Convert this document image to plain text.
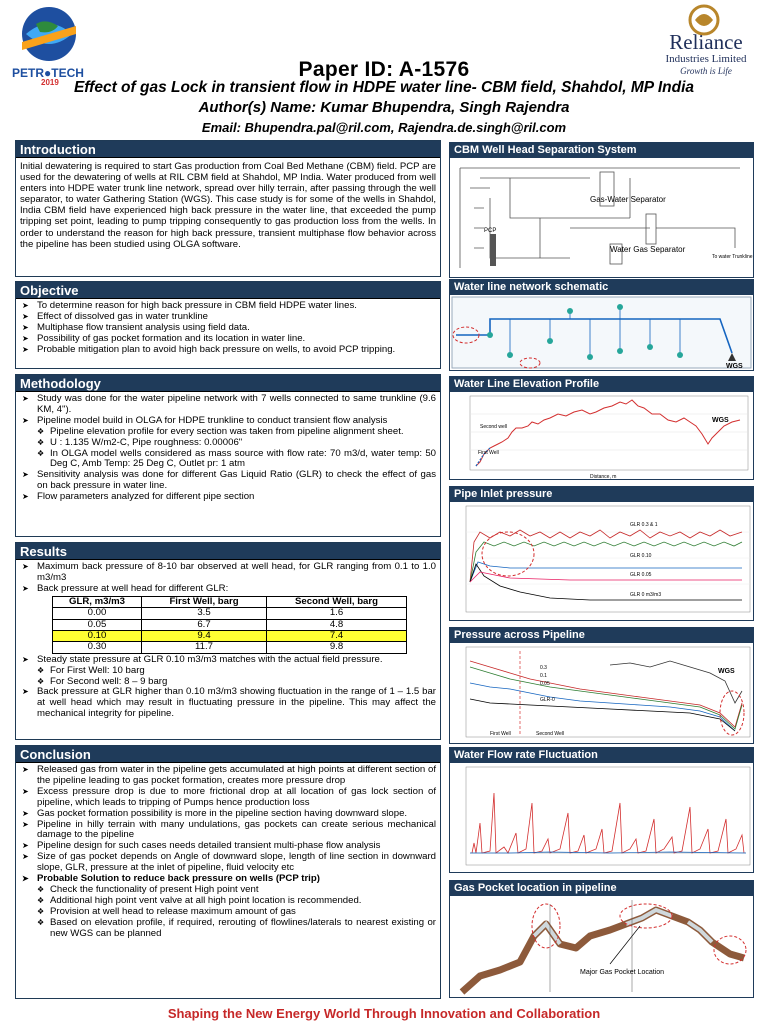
PETR●TECH
2019
Reliance
Industries Limited
Growth is Life
Paper ID: A-1576
Effect of gas Lock in transient flow in HDPE water line- CBM field, Shahdol, MP India
Author(s) Name: Kumar Bhupendra, Singh Rajendra
Email: Bhupendra.pal@ril.com, Rajendra.de.singh@ril.com
Introduction
Initial dewatering is required to start Gas production from Coal Bed Methane (CBM) field. PCP are used for the dewatering of wells at RIL CBM field at Shahdol, MP India. Water produced from well enters into HDPE water trunk line network, spread over hilly terrain, after passing through the well separator, to water Gathering Station (WGS). This case study is for some of the wells in Shahdol, India CBM field have experienced high back pressure in the water line, that exceeded the pump tripping set point, leading to pump tripping consequently to gas production loss from the wells. In order to understand the reason for high back pressure, transient multiphase flow behavior across the pipeline has been studied using OLGA software.
Objective
➤ To determine reason for high back pressure in CBM field HDPE water lines.
➤ Effect of dissolved gas in water trunkline
➤ Multiphase flow transient analysis using field data.
➤ Possibility of gas pocket formation and its location in water line.
➤ Probable mitigation plan to avoid high back pressure on wells, to avoid PCP tripping.
Methodology
➤ Study was done for the water pipeline network with 7 wells connected to same trunkline (9.6 KM, 4").
➤ Pipeline model build in OLGA for HDPE trunkline to conduct transient flow analysis
❖ Pipeline elevation profile for every section was taken from pipeline alignment sheet.
❖ U : 1.135 W/m2-C, Pipe roughness: 0.00006"
❖ In OLGA model wells considered as mass source with flow rate: 70 m3/d, water temp: 50 Deg C, Amb Temp: 25 Deg C, Outlet pr: 1 atm
➤ Sensitivity analysis was done for different Gas Liquid Ratio (GLR) to check the effect of gas on back pressure in water line.
➤ Flow parameters analyzed for different pipe section
Results
➤ Maximum back pressure of 8-10 bar observed at well head, for GLR ranging from 0.1 to 1.0 m3/m3
➤ Back pressure at well head for different GLR:
GLR, m3/m3	First Well, barg	Second Well, barg
0.00	3.5	1.6
0.05	6.7	4.8
0.10	9.4	7.4
0.30	11.7	9.8
➤ Steady state pressure at GLR 0.10 m3/m3 matches with the actual field pressure.
❖ For First Well: 10 barg
❖ For Second well: 8 – 9 barg
➤ Back pressure at GLR higher than 0.10 m3/m3 showing fluctuation in the range of 1 – 1.5 bar at well head which may result in fluctuating pressure in the pipeline. This may affect the mechanical integrity for pipeline.
Conclusion
➤ Released gas from water in the pipeline gets accumulated at high points at different section of the pipeline leading to gas pocket formation, creates more pressure drop
➤ Excess pressure drop is due to more frictional drop at all location of gas lock section of pipeline, which leads to tripping of Pumps hence production loss
➤ Gas pocket formation possibility is more in the pipeline section having downward slope.
➤ Pipeline in hilly terrain with many undulations, gas pockets can create serious mechanical damage to the pipeline
➤ Pipeline design for such cases needs detailed transient multi-phase flow analysis
➤ Size of gas pocket depends on Angle of downward slope, length of line section in downward slope, GLR, pressure at the inlet of pipeline, fluid velocity etc
➤ Probable Solution to reduce back pressure on wells (PCP trip)
❖ Check the functionality of present High point vent
❖ Additional high point vent valve at all high point location is recommended.
❖ Provision at well head to release maximum amount of gas
❖ Based on elevation profile, if required, rerouting of flowlines/laterals to nearest existing or new WGS can be planned
CBM Well Head Separation System
Gas-Water Separator
Water Gas Separator
PCP
To water Trunkline
Water line network schematic
WGS
Water Line Elevation Profile
First Well
Second well
WGS
Distance, m
Pipe Inlet pressure
GLR 0.3 & 1
GLR 0.10
GLR 0.05
GLR 0 m3/m3
Pressure across Pipeline
WGS
First Well	Second Well
0.3
0.1
0.05
GLR-0
Water Flow rate Fluctuation
Gas Pocket location in pipeline
Major Gas Pocket Location
Shaping the New Energy World Through Innovation and Collaboration
